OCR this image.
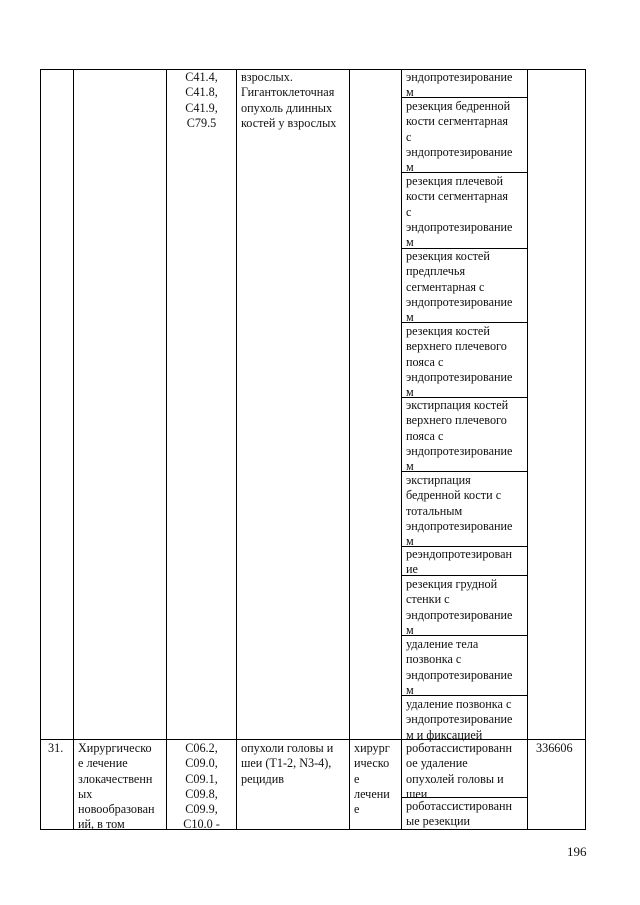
C41.4,
C41.8,
C41.9,
C79.5
взрослых.
Гигантоклеточная
опухоль длинных
костей у взрослых
эндопротезирование
м
резекция бедренной
кости сегментарная
с
эндопротезирование
м
резекция плечевой
кости сегментарная
с
эндопротезирование
м
резекция костей
предплечья
сегментарная с
эндопротезирование
м
резекция костей
верхнего плечевого
пояса с
эндопротезирование
м
экстирпация костей
верхнего плечевого
пояса с
эндопротезирование
м
экстирпация
бедренной кости с
тотальным
эндопротезирование
м
реэндопротезирован
ие
резекция грудной
стенки с
эндопротезирование
м
удаление тела
позвонка с
эндопротезирование
м
удаление позвонка с
эндопротезирование
м и фиксацией
31. Хирургическо
е лечение
злокачественн
ых
новообразован
ий, в том
C06.2,
C09.0,
C09.1,
C09.8,
C09.9,
C10.0 -
опухоли головы и
шеи (T1-2, N3-4),
рецидив
хирург
ическо
е
лечени
е
роботассистированн
ое удаление
опухолей головы и
шеи
роботассистированн
ые резекции
336606
196
